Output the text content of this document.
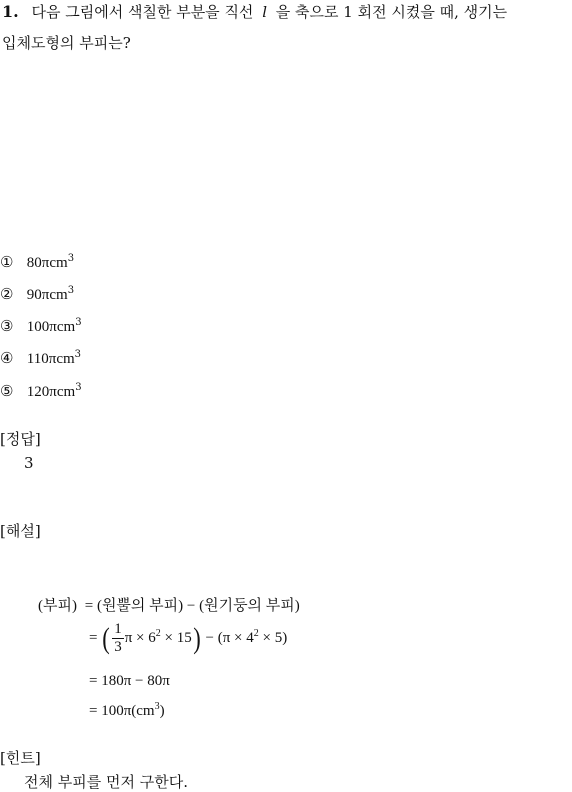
1. 다음 그림에서 색칠한 부분을 직선 l 을 축으로 1 회전 시켰을 때, 생기는
입체도형의 부피는?
① 80πcm$^3$
② 90πcm$^3$
③ 100πcm$^3$
④ 110πcm$^3$
⑤ 120πcm$^3$
[정답]
3
[해설]
(부피) = (원뿔의 부피) − (원기둥의 부피)
= ( $\frac{1}{3}$ $\pi \times 6^2 \times 15) - (\pi \times 4^2 \times 5)$
= 180π − 80π
= $100\pi(cm^3)$
[힌트]
전체 부피를 먼저 구한다.
